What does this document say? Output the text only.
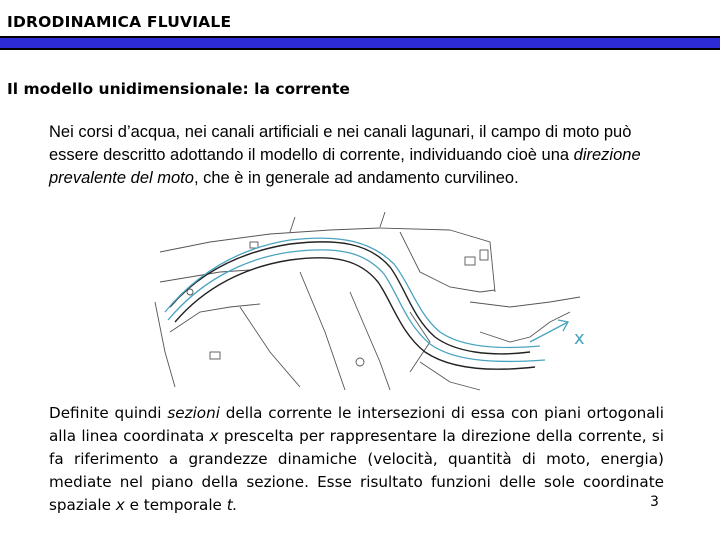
IDRODINAMICA FLUVIALE
Il modello unidimensionale: la corrente
Nei corsi d’acqua, nei canali artificiali e nei canali lagunari, il campo di moto può essere descritto adottando il modello di corrente, individuando cioè una direzione prevalente del moto, che è in generale ad andamento curvilineo.
x
Definite quindi sezioni della corrente le intersezioni di essa con piani ortogonali alla linea coordinata x prescelta per rappresentare la direzione della corrente, si fa riferimento a grandezze dinamiche (velocità, quantità di moto, energia) mediate nel piano della sezione. Esse risultato funzioni delle sole coordinate spaziale x e temporale t.	3
